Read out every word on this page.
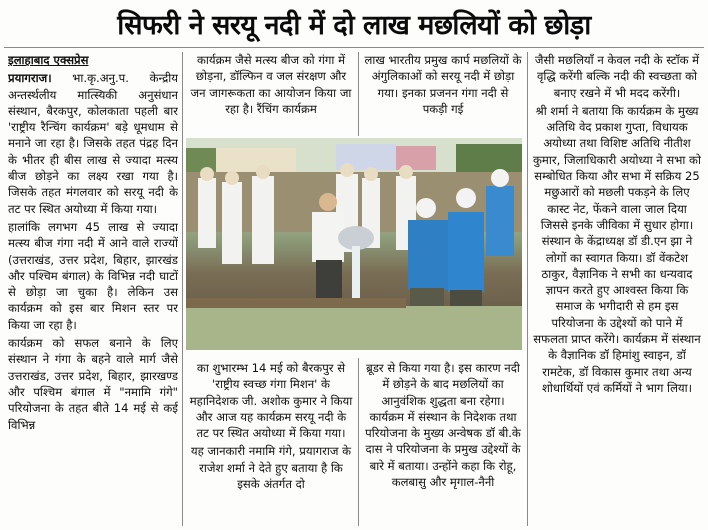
सिफरी ने सरयू नदी में दो लाख मछलियों को छोड़ा

इलाहाबाद एक्सप्रेस

प्रयागराज। भा.कृ.अनु.प. केन्द्रीय अन्तर्स्थलीय मात्स्यिकी अनुसंधान संस्थान, बैरकपुर, कोलकाता पहली बार 'राष्ट्रीय रैन्चिंग कार्यक्रम' बड़े धूमधाम से मनाने जा रहा है। जिसके तहत पंद्रह दिन के भीतर ही बीस लाख से ज्यादा मत्स्य बीज छोड़ने का लक्ष्य रखा गया है। जिसके तहत मंगलवार को सरयू नदी के तट पर स्थित अयोध्या में किया गया।

हालांकि लगभग 45 लाख से ज्यादा मत्स्य बीज गंगा नदी में आने वाले राज्यों (उत्तराखंड, उत्तर प्रदेश, बिहार, झारखंड और पश्चिम बंगाल) के विभिन्न नदी घाटों से छोड़ा जा चुका है। लेकिन उस कार्यक्रम को इस बार मिशन स्तर पर किया जा रहा है।

कार्यक्रम को सफल बनाने के लिए संस्थान ने गंगा के बहने वाले मार्ग जैसे उत्तराखंड, उत्तर प्रदेश, बिहार, झारखण्ड और पश्चिम बंगाल में "नमामि गंगे" परियोजना के तहत बीते 14 मई से कई विभिन्न

कार्यक्रम जैसे मत्स्य बीज को गंगा में छोड़ना, डॉल्फिन व जल संरक्षण और जन जागरूकता का आयोजन किया जा रहा है। रैंचिंग कार्यक्रम

लाख भारतीय प्रमुख कार्प मछलियों के अंगुलिकाओं को सरयू नदी में छोड़ा गया। इनका प्रजनन गंगा नदी से पकड़ी गई

का शुभारम्भ 14 मई को बैरकपुर से 'राष्ट्रीय स्वच्छ गंगा मिशन' के महानिदेशक जी. अशोक कुमार ने किया और आज यह कार्यक्रम सरयू नदी के तट पर स्थित अयोध्या में किया गया।

यह जानकारी नमामि गंगे, प्रयागराज के राजेश शर्मा ने देते हुए बताया है कि इसके अंतर्गत दो

ब्रूडर से किया गया है। इस कारण नदी में छोड़ने के बाद मछलियों का आनुवंशिक शुद्धता बना रहेगा। कार्यक्रम में संस्थान के निदेशक तथा परियोजना के मुख्य अन्वेषक डॉ बी.के दास ने परियोजना के प्रमुख उद्देश्यों के बारे में बताया। उन्होंने कहा कि रोहू, कलबासु और मृगाल-नैनी

जैसी मछलियाँ न केवल नदी के स्टॉक में वृद्धि करेंगी बल्कि नदी की स्वच्छता को बनाए रखने में भी मदद करेंगी।

श्री शर्मा ने बताया कि कार्यक्रम के मुख्य अतिथि वेद प्रकाश गुप्ता, विधायक अयोध्या तथा विशिष्ट अतिथि नीतीश कुमार, जिलाधिकारी अयोध्या ने सभा को सम्बोधित किया और सभा में सक्रिय 25 मछुआरों को मछली पकड़ने के लिए कास्ट नेट, फेंकने वाला जाल दिया जिससे इनके जीविका में सुधार होगा। संस्थान के केंद्राध्यक्ष डॉ डी.एन झा ने लोगों का स्वागत किया। डॉ वेंकटेश ठाकुर, वैज्ञानिक ने सभी का धन्यवाद ज्ञापन करते हुए आश्वस्त किया कि समाज के भगीदारी से हम इस परियोजना के उद्देश्यों को पाने में सफलता प्राप्त करेंगे। कार्यक्रम में संस्थान के वैज्ञानिक डॉ हिमांशु स्वाइन, डॉ रामटेक, डॉ विकास कुमार तथा अन्य शोधार्थियों एवं कर्मियों ने भाग लिया।
